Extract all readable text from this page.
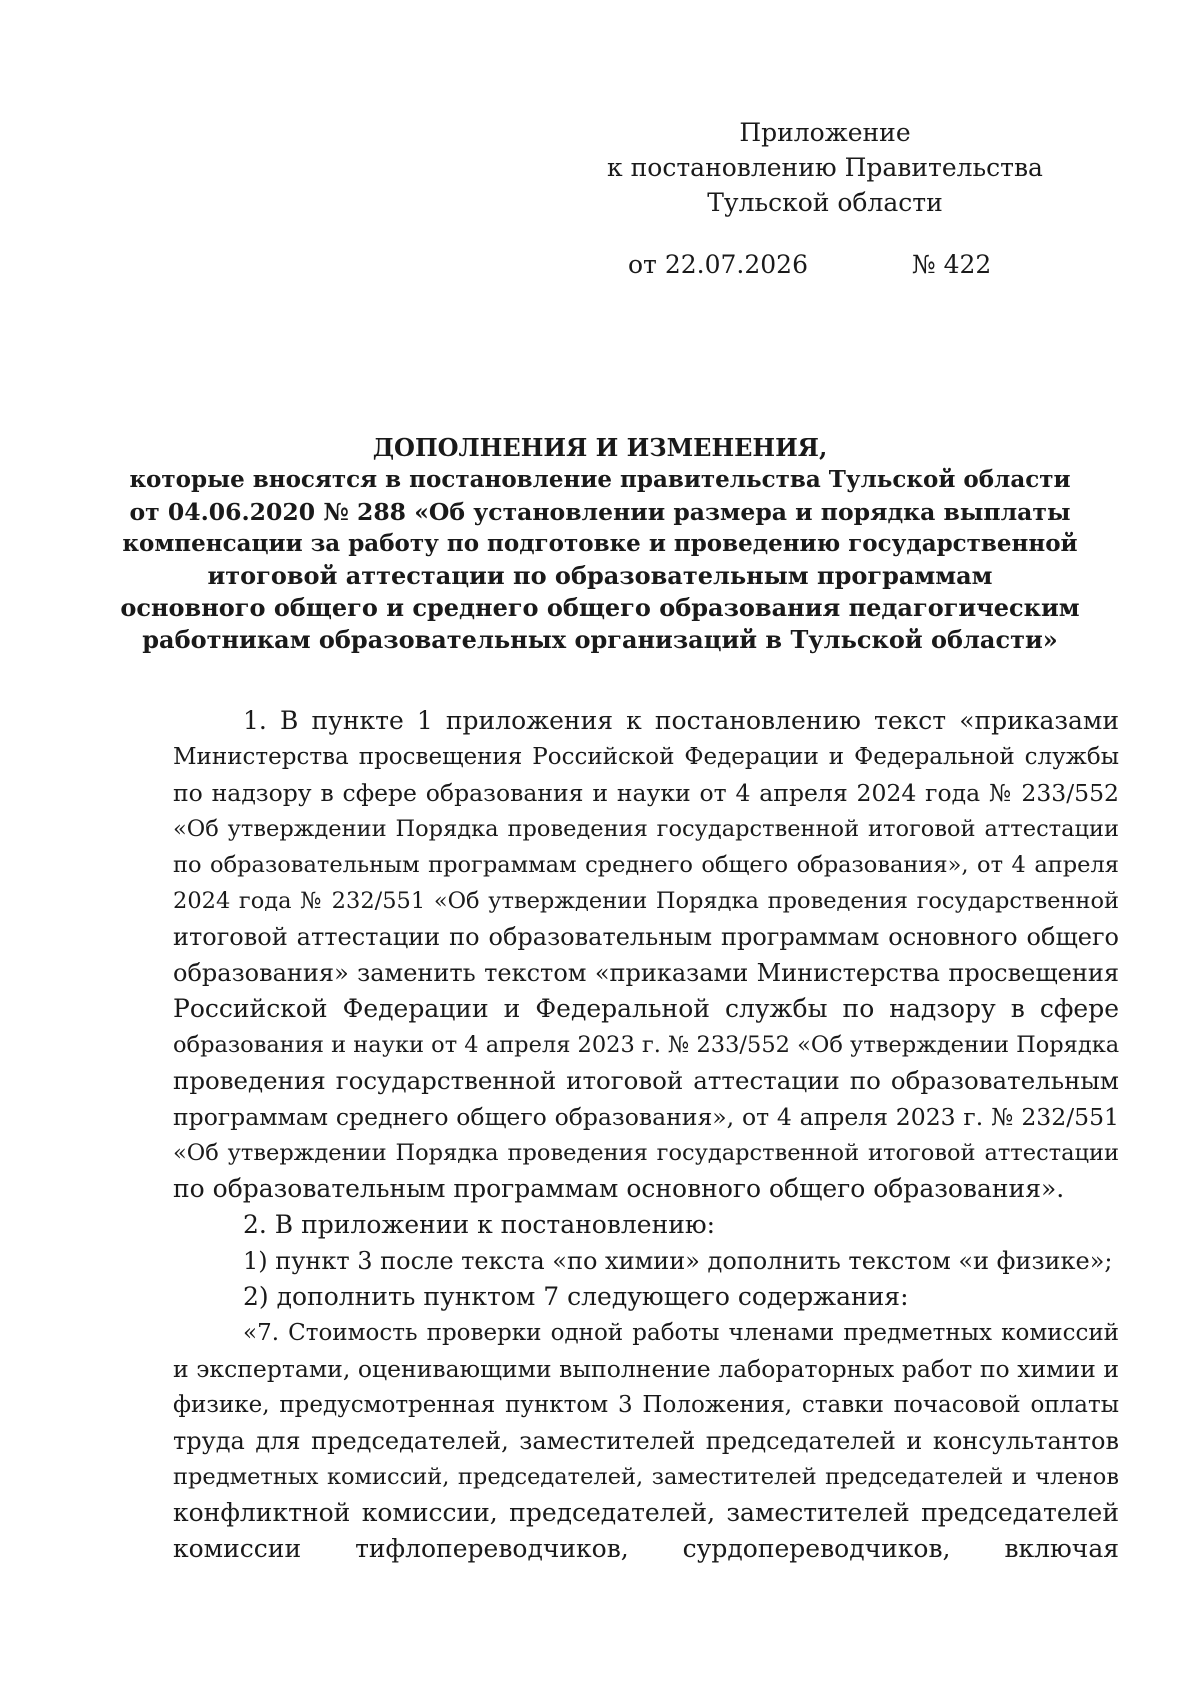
Приложение
к постановлению Правительства
Тульской области
от 22.07.2026	№ 422
ДОПОЛНЕНИЯ И ИЗМЕНЕНИЯ,
которые вносятся в постановление правительства Тульской области
от 04.06.2020 № 288 «Об установлении размера и порядка выплаты
компенсации за работу по подготовке и проведению государственной
итоговой аттестации по образовательным программам
основного общего и среднего общего образования педагогическим
работникам образовательных организаций в Тульской области»
1. В пункте 1 приложения к постановлению текст «приказами
Министерства просвещения Российской Федерации и Федеральной службы
по надзору в сфере образования и науки от 4 апреля 2024 года № 233/552
«Об утверждении Порядка проведения государственной итоговой аттестации
по образовательным программам среднего общего образования», от 4 апреля
2024 года № 232/551 «Об утверждении Порядка проведения государственной
итоговой аттестации по образовательным программам основного общего
образования» заменить текстом «приказами Министерства просвещения
Российской Федерации и Федеральной службы по надзору в сфере
образования и науки от 4 апреля 2023 г. № 233/552 «Об утверждении Порядка
проведения государственной итоговой аттестации по образовательным
программам среднего общего образования», от 4 апреля 2023 г. № 232/551
«Об утверждении Порядка проведения государственной итоговой аттестации
по образовательным программам основного общего образования».
2. В приложении к постановлению:
1) пункт 3 после текста «по химии» дополнить текстом «и физике»;
2) дополнить пунктом 7 следующего содержания:
«7. Стоимость проверки одной работы членами предметных комиссий
и экспертами, оценивающими выполнение лабораторных работ по химии и
физике, предусмотренная пунктом 3 Положения, ставки почасовой оплаты
труда для председателей, заместителей председателей и консультантов
предметных комиссий, председателей, заместителей председателей и членов
конфликтной комиссии, председателей, заместителей председателей
комиссии тифлопереводчиков, сурдопереводчиков, включая
